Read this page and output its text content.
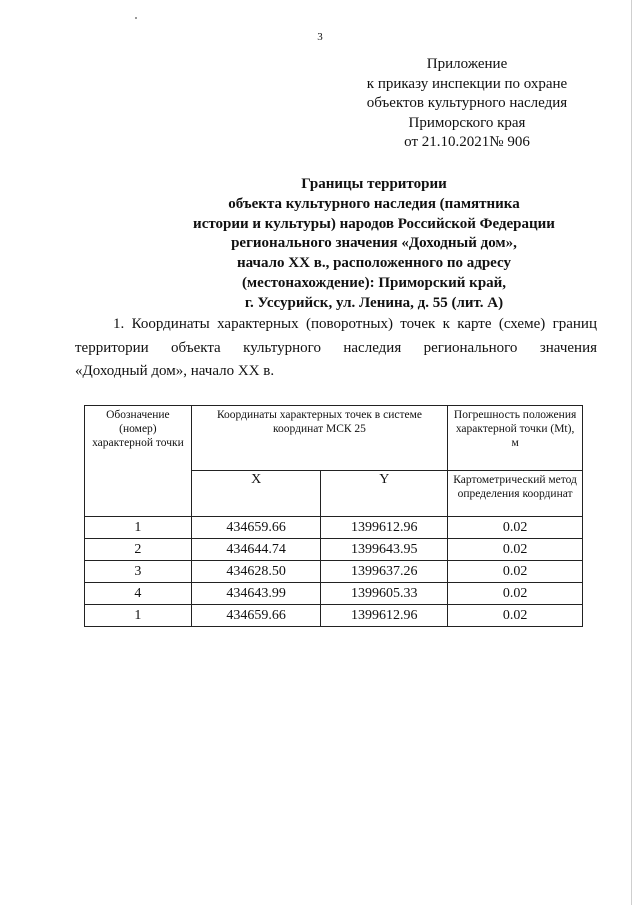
3
Приложение
к приказу инспекции по охране
объектов культурного наследия
Приморского края
от 21.10.2021№ 906
Границы территории
объекта культурного наследия (памятника
истории и культуры) народов Российской Федерации
регионального значения «Доходный дом»,
начало XX в., расположенного по адресу
(местонахождение): Приморский край,
г. Уссурийск, ул. Ленина, д. 55 (лит. А)
1. Координаты характерных (поворотных) точек к карте (схеме) границ
территории объекта культурного наследия регионального значения
«Доходный дом», начало XX в.
Обозначение (номер) характерной точки	Координаты характерных точек в системе координат МСК 25		Погрешность положения характерной точки (Mt), м
	X	Y	Картометрический метод определения координат
1	434659.66	1399612.96	0.02
2	434644.74	1399643.95	0.02
3	434628.50	1399637.26	0.02
4	434643.99	1399605.33	0.02
1	434659.66	1399612.96	0.02
